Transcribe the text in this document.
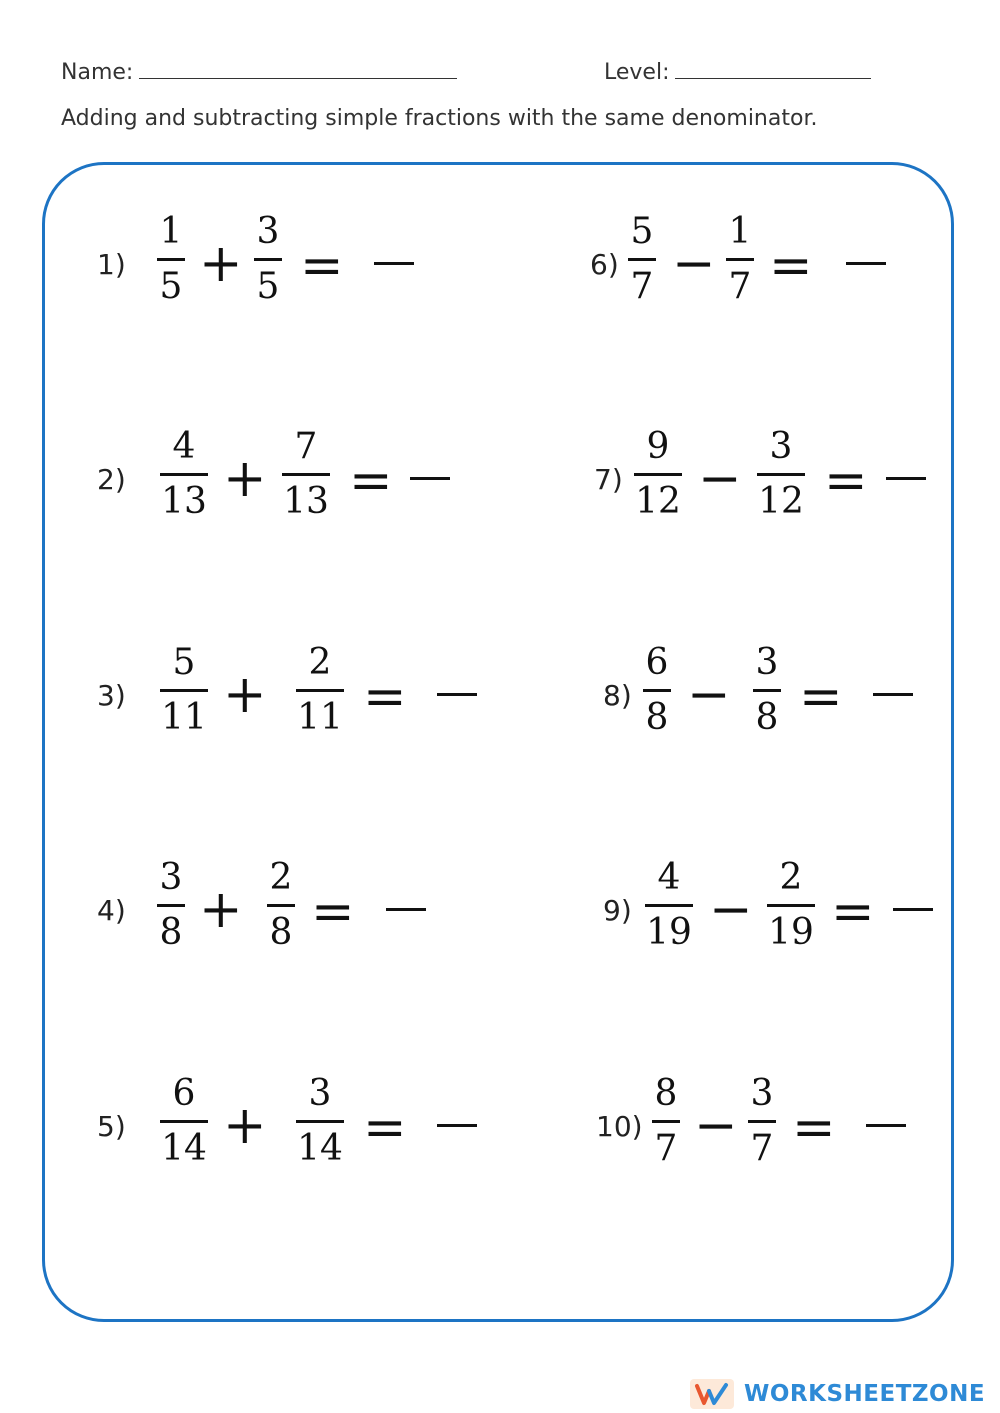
Name:	Level:
Adding and subtracting simple fractions with the same denominator.
1)
1
5 +
3
5 =
2)
4
13 +
7
13 =
3)
5
11 +
2
11 =
4)
3
8 +
2
8 =
5)
6
14 +
3
14 =
6)
5
7 −
1
7 =
7)
9
12 −
3
12 =
8)
6
8 −
3
8 =
9)
4
19 −
2
19 =
10)
8
7 −
3
7 =
WORKSHEETZONE
